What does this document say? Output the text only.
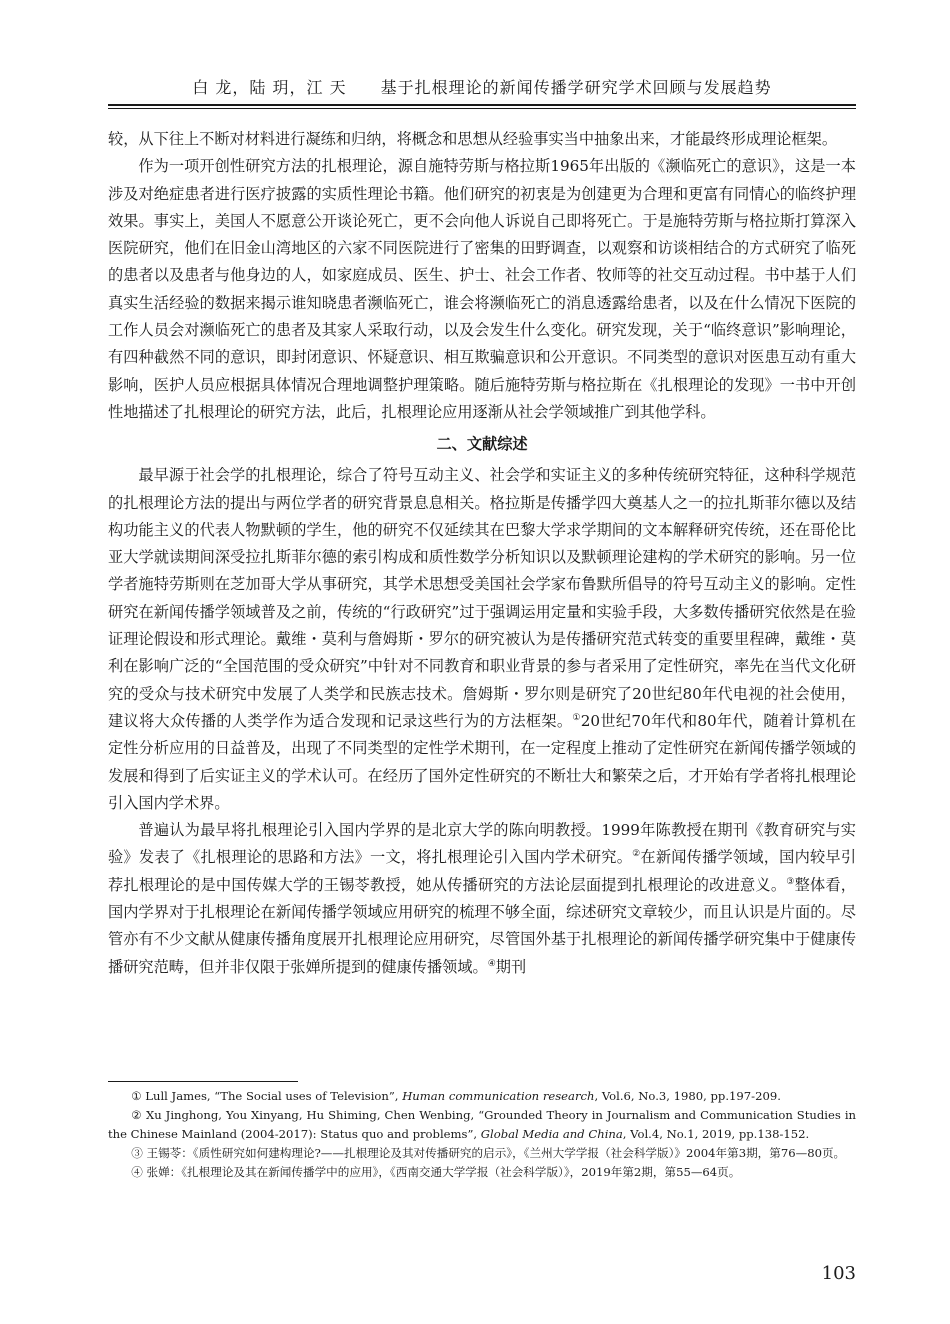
白 龙，陆 玥，江 天 基于扎根理论的新闻传播学研究学术回顾与发展趋势

较，从下往上不断对材料进行凝练和归纳，将概念和思想从经验事实当中抽象出来，才能最终形成理论框架。

作为一项开创性研究方法的扎根理论，源自施特劳斯与格拉斯1965年出版的《濒临死亡的意识》，这是一本涉及对绝症患者进行医疗披露的实质性理论书籍。他们研究的初衷是为创建更为合理和更富有同情心的临终护理效果。事实上，美国人不愿意公开谈论死亡，更不会向他人诉说自己即将死亡。于是施特劳斯与格拉斯打算深入医院研究，他们在旧金山湾地区的六家不同医院进行了密集的田野调查，以观察和访谈相结合的方式研究了临死的患者以及患者与他身边的人，如家庭成员、医生、护士、社会工作者、牧师等的社交互动过程。书中基于人们真实生活经验的数据来揭示谁知晓患者濒临死亡，谁会将濒临死亡的消息透露给患者，以及在什么情况下医院的工作人员会对濒临死亡的患者及其家人采取行动，以及会发生什么变化。研究发现，关于“临终意识”影响理论，有四种截然不同的意识，即封闭意识、怀疑意识、相互欺骗意识和公开意识。不同类型的意识对医患互动有重大影响，医护人员应根据具体情况合理地调整护理策略。随后施特劳斯与格拉斯在《扎根理论的发现》一书中开创性地描述了扎根理论的研究方法，此后，扎根理论应用逐渐从社会学领域推广到其他学科。

二、文献综述

最早源于社会学的扎根理论，综合了符号互动主义、社会学和实证主义的多种传统研究特征，这种科学规范的扎根理论方法的提出与两位学者的研究背景息息相关。格拉斯是传播学四大奠基人之一的拉扎斯菲尔德以及结构功能主义的代表人物默顿的学生，他的研究不仅延续其在巴黎大学求学期间的文本解释研究传统，还在哥伦比亚大学就读期间深受拉扎斯菲尔德的索引构成和质性数学分析知识以及默顿理论建构的学术研究的影响。另一位学者施特劳斯则在芝加哥大学从事研究，其学术思想受美国社会学家布鲁默所倡导的符号互动主义的影响。定性研究在新闻传播学领域普及之前，传统的“行政研究”过于强调运用定量和实验手段，大多数传播研究依然是在验证理论假设和形式理论。戴维・莫利与詹姆斯・罗尔的研究被认为是传播研究范式转变的重要里程碑，戴维・莫利在影响广泛的“全国范围的受众研究”中针对不同教育和职业背景的参与者采用了定性研究，率先在当代文化研究的受众与技术研究中发展了人类学和民族志技术。詹姆斯・罗尔则是研究了20世纪80年代电视的社会使用，建议将大众传播的人类学作为适合发现和记录这些行为的方法框架。①20世纪70年代和80年代，随着计算机在定性分析应用的日益普及，出现了不同类型的定性学术期刊，在一定程度上推动了定性研究在新闻传播学领域的发展和得到了后实证主义的学术认可。在经历了国外定性研究的不断壮大和繁荣之后，才开始有学者将扎根理论引入国内学术界。

普遍认为最早将扎根理论引入国内学界的是北京大学的陈向明教授。1999年陈教授在期刊《教育研究与实验》发表了《扎根理论的思路和方法》一文，将扎根理论引入国内学术研究。②在新闻传播学领域，国内较早引荐扎根理论的是中国传媒大学的王锡苓教授，她从传播研究的方法论层面提到扎根理论的改进意义。③整体看，国内学界对于扎根理论在新闻传播学领域应用研究的梳理不够全面，综述研究文章较少，而且认识是片面的。尽管亦有不少文献从健康传播角度展开扎根理论应用研究，尽管国外基于扎根理论的新闻传播学研究集中于健康传播研究范畴，但并非仅限于张婵所提到的健康传播领域。④期刊

① Lull James, “The Social uses of Television”, Human communication research, Vol.6, No.3, 1980, pp.197-209.

② Xu Jinghong, You Xinyang, Hu Shiming, Chen Wenbing, “Grounded Theory in Journalism and Communication Studies in the Chinese Mainland (2004-2017): Status quo and problems”, Global Media and China, Vol.4, No.1, 2019, pp.138-152.

③ 王锡苓：《质性研究如何建构理论?——扎根理论及其对传播研究的启示》，《兰州大学学报（社会科学版）》2004年第3期，第76—80页。

④ 张婵：《扎根理论及其在新闻传播学中的应用》，《西南交通大学学报（社会科学版）》，2019年第2期，第55—64页。

103
